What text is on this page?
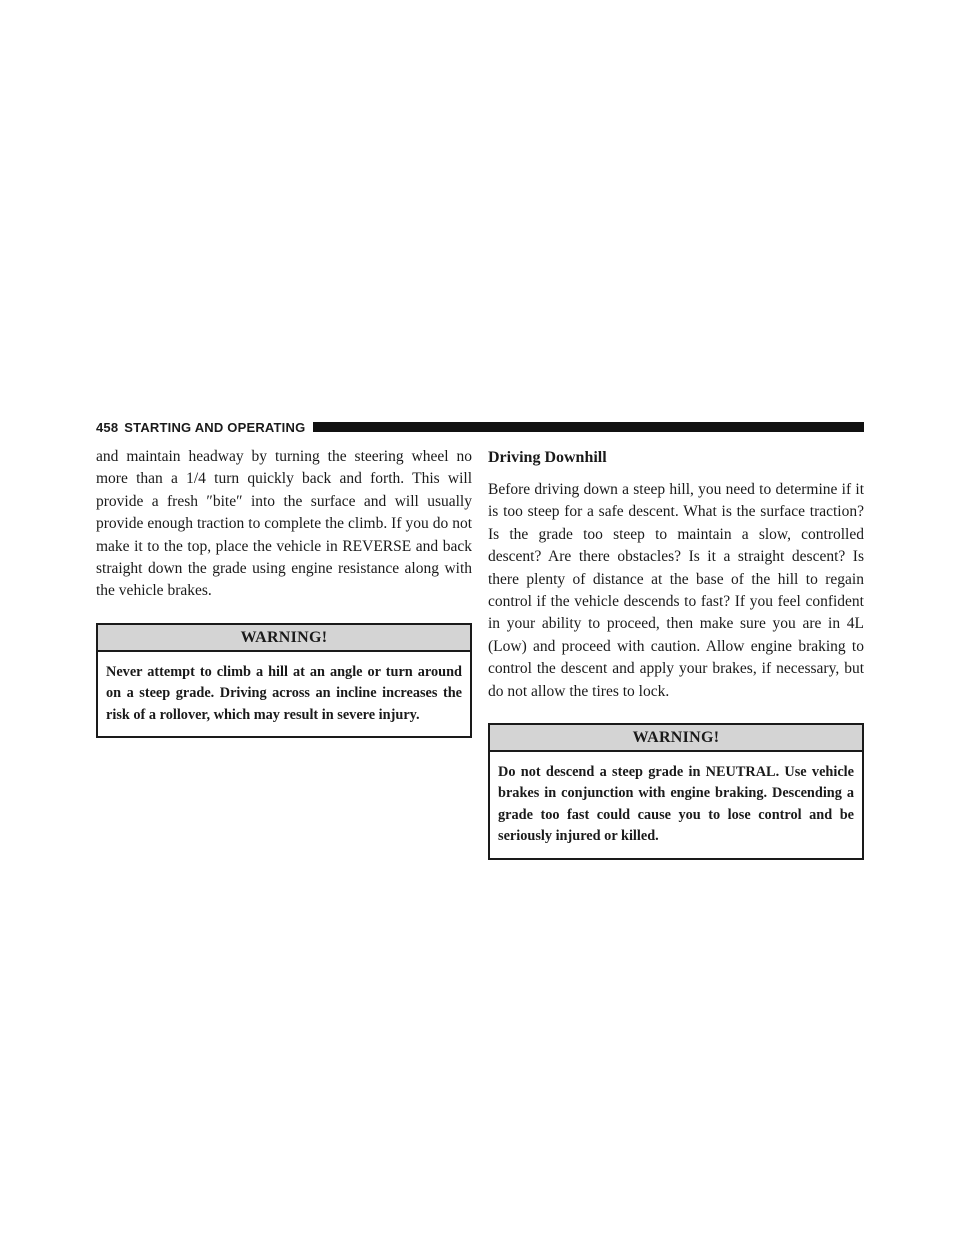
458 STARTING AND OPERATING

and maintain headway by turning the steering wheel no more than a 1/4 turn quickly back and forth. This will provide a fresh ″bite″ into the surface and will usually provide enough traction to complete the climb. If you do not make it to the top, place the vehicle in REVERSE and back straight down the grade using engine resistance along with the vehicle brakes.

WARNING!
Never attempt to climb a hill at an angle or turn around on a steep grade. Driving across an incline increases the risk of a rollover, which may result in severe injury.
Driving Downhill

Before driving down a steep hill, you need to determine if it is too steep for a safe descent. What is the surface traction? Is the grade too steep to maintain a slow, controlled descent? Are there obstacles? Is it a straight descent? Is there plenty of distance at the base of the hill to regain control if the vehicle descends to fast? If you feel confident in your ability to proceed, then make sure you are in 4L (Low) and proceed with caution. Allow engine braking to control the descent and apply your brakes, if necessary, but do not allow the tires to lock.

WARNING!
Do not descend a steep grade in NEUTRAL. Use vehicle brakes in conjunction with engine braking. Descending a grade too fast could cause you to lose control and be seriously injured or killed.
